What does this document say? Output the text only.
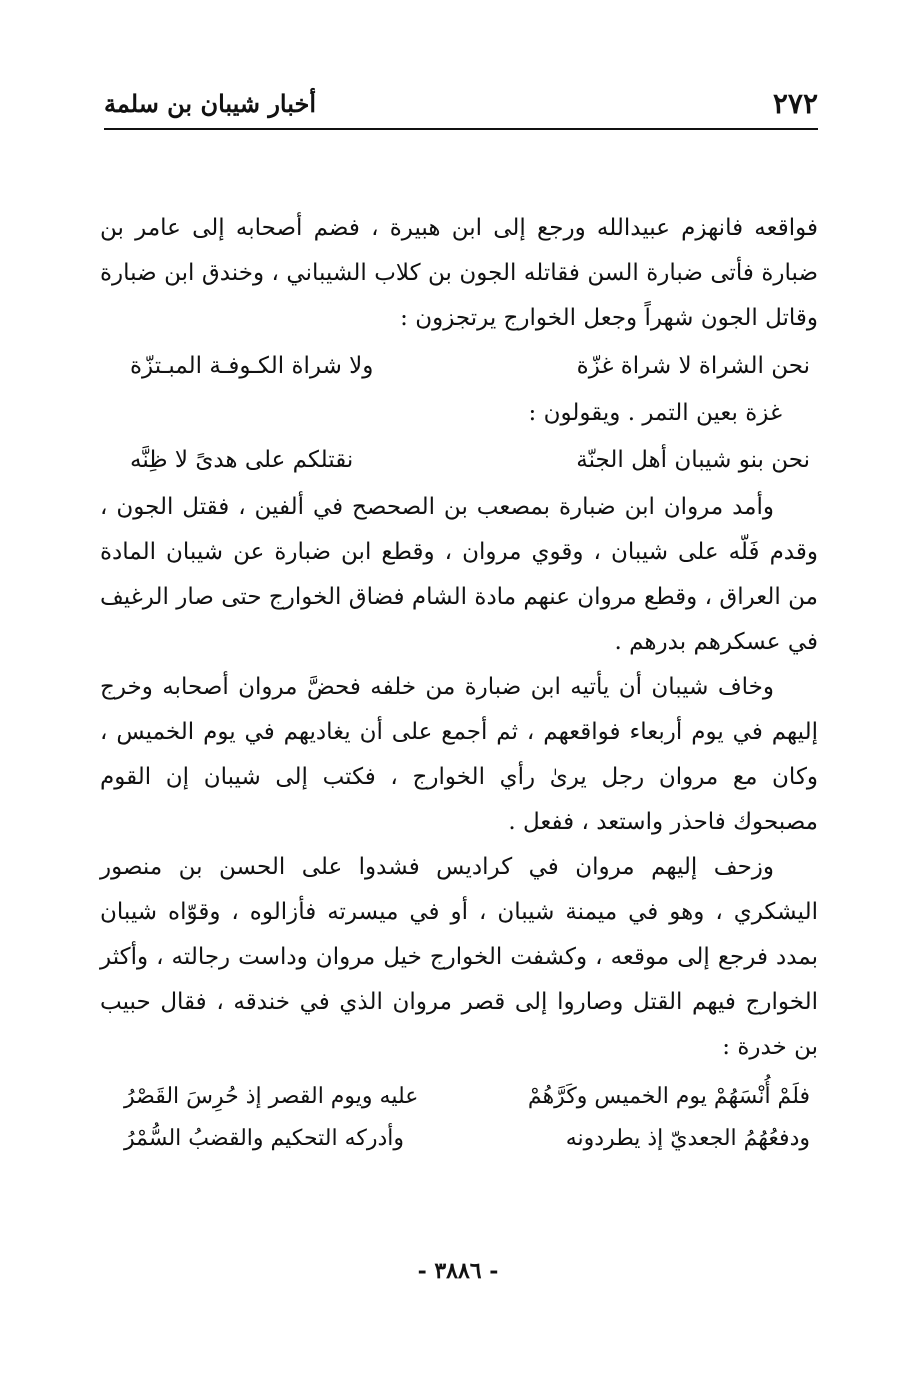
٢٧٢
أخبار شيبان بن سلمة

فواقعه فانهزم عبيدالله ورجع إلى ابن هبيرة ، فضم أصحابه إلى عامر بن ضبارة فأتى ضبارة السن فقاتله الجون بن كلاب الشيباني ، وخندق ابن ضبارة وقاتل الجون شهراً وجعل الخوارج يرتجزون :

نحن الشراة لا شراة غزّة
ولا شراة الكـوفـة المبـتزّة

غزة بعين التمر . ويقولون :

نحن بنو شيبان أهل الجنّة
نقتلكم على هدىً لا ظِنَّه

وأمد مروان ابن ضبارة بمصعب بن الصحصح في ألفين ، فقتل الجون ، وقدم فَلّه على شيبان ، وقوي مروان ، وقطع ابن ضبارة عن شيبان المادة من العراق ، وقطع مروان عنهم مادة الشام فضاق الخوارج حتى صار الرغيف في عسكرهم بدرهم .

وخاف شيبان أن يأتيه ابن ضبارة من خلفه فحضَّ مروان أصحابه وخرج إليهم في يوم أربعاء فواقعهم ، ثم أجمع على أن يغاديهم في يوم الخميس ، وكان مع مروان رجل يرىٰ رأي الخوارج ، فكتب إلى شيبان إن القوم مصبحوك فاحذر واستعد ، ففعل .

وزحف إليهم مروان في كراديس فشدوا على الحسن بن منصور اليشكري ، وهو في ميمنة شيبان ، أو في ميسرته فأزالوه ، وقوّاه شيبان بمدد فرجع إلى موقعه ، وكشفت الخوارج خيل مروان وداست رجالته ، وأكثر الخوارج فيهم القتل وصاروا إلى قصر مروان الذي في خندقه ، فقال حبيب بن خدرة :

فلَمْ أُنْسَهُمْ يوم الخميس وكَرَّهُمْ
عليه ويوم القصر إذ حُرِسَ القَصْرُ
ودفعُهُمُ الجعديّ إذ يطردونه
وأدركه التحكيم والقضبُ السُّمْرُ
- ٣٨٨٦ -
